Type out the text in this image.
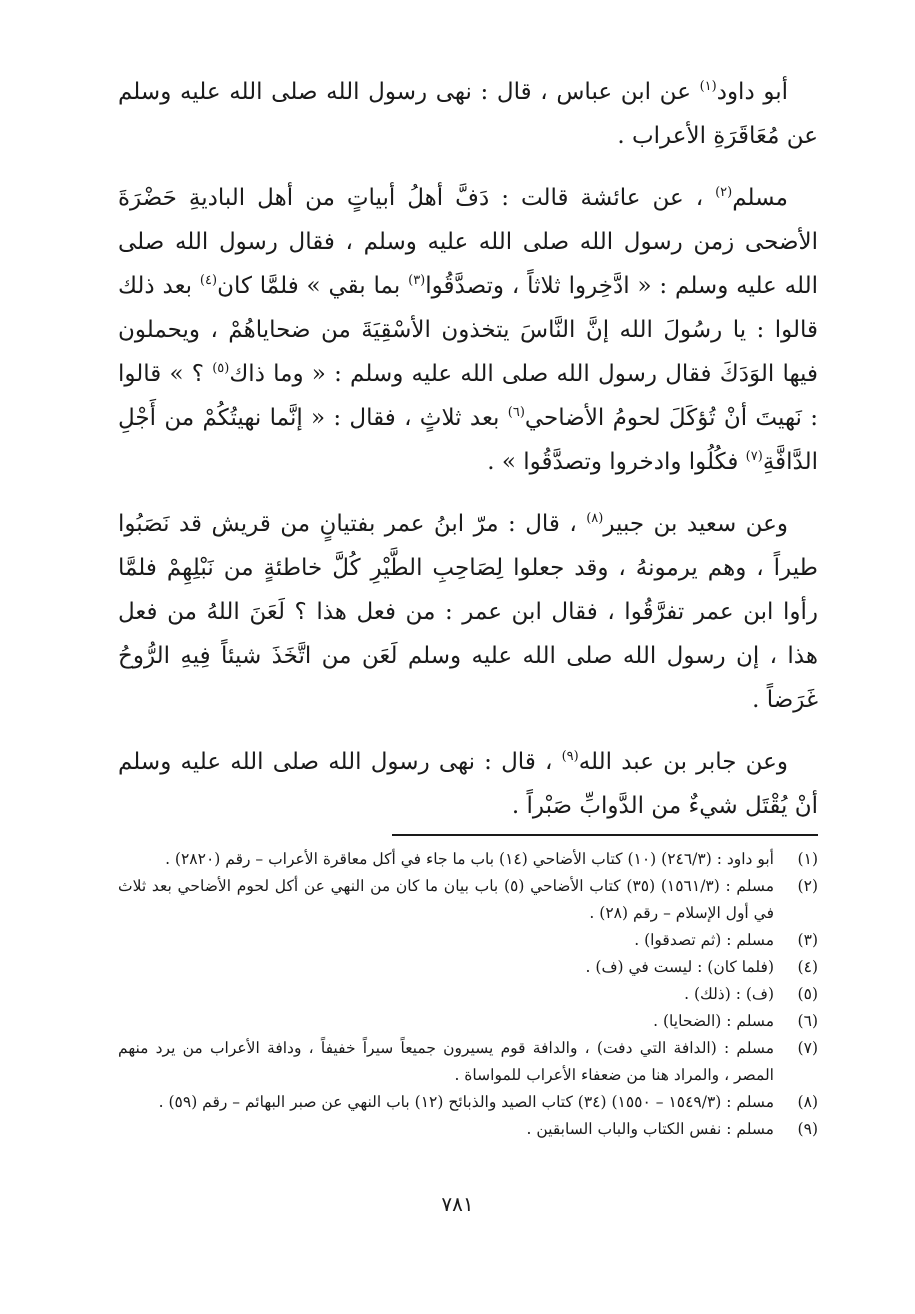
أبو داود$^{(١)}$ عن ابن عباس ، قال : نهى رسول الله صلى الله عليه وسلم عن مُعَاقَرَةِ الأعراب .

مسلم$^{(٢)}$ ، عن عائشة قالت : دَفَّ أهلُ أبياتٍ من أهل الباديةِ حَضْرَةَ الأضحى زمن رسول الله صلى الله عليه وسلم ، فقال رسول الله صلى الله عليه وسلم : « ادَّخِروا ثلاثاً ، وتصدَّقُوا$^{(٣)}$ بما بقي » فلمَّا كان$^{(٤)}$ بعد ذلك قالوا : يا رسُولَ الله إنَّ النَّاسَ يتخذون الأسْقِيَةَ من ضحاياهُمْ ، ويحملون فيها الوَدَكَ فقال رسول الله صلى الله عليه وسلم : « وما ذاك$^{(٥)}$ ؟ » قالوا : نَهيتَ أنْ تُؤكَلَ لحومُ الأضاحي$^{(٦)}$ بعد ثلاثٍ ، فقال : « إنَّما نهيتُكُمْ من أَجْلِ الدَّافَّةِ$^{(٧)}$ فكُلُوا وادخروا وتصدَّقُوا » .

وعن سعيد بن جبير$^{(٨)}$ ، قال : مرّ ابنُ عمر بفتيانٍ من قريش قد نَصَبُوا طيراً ، وهم يرمونهُ ، وقد جعلوا لِصَاحِبِ الطَّيْرِ كُلَّ خاطئةٍ من نَبْلِهِمْ فلمَّا رأوا ابن عمر تفرَّقُوا ، فقال ابن عمر : من فعل هذا ؟ لَعَنَ اللهُ من فعل هذا ، إن رسول الله صلى الله عليه وسلم لَعَن من اتَّخَذَ شيئاً فِيهِ الرُّوحُ غَرَضاً .

وعن جابر بن عبد الله$^{(٩)}$ ، قال : نهى رسول الله صلى الله عليه وسلم أنْ يُقْتَل شيءٌ من الدَّوابِّ صَبْراً .

(١)
أبو داود : (٢٤٦/٣) (١٠) كتاب الأضاحي (١٤) باب ما جاء في أكل معاقرة الأعراب – رقم (٢٨٢٠) .
(٢)
مسلم : (١٥٦١/٣) (٣٥) كتاب الأضاحي (٥) باب بيان ما كان من النهي عن أكل لحوم الأضاحي بعد ثلاث في أول الإسلام – رقم (٢٨) .
(٣)
مسلم : (ثم تصدقوا) .
(٤)
(فلما كان) : ليست في (ف) .
(٥)
(ف) : (ذلك) .
(٦)
مسلم : (الضحايا) .
(٧)
مسلم : (الدافة التي دفت) ، والدافة قوم يسيرون جميعاً سيراً خفيفاً ، ودافة الأعراب من يرد منهم المصر ، والمراد هنا من ضعفاء الأعراب للمواساة .
(٨)
مسلم : (١٥٤٩/٣ – ١٥٥٠) (٣٤) كتاب الصيد والذبائح (١٢) باب النهي عن صبر البهائم – رقم (٥٩) .
(٩)
مسلم : نفس الكتاب والباب السابقين .
٧٨١
